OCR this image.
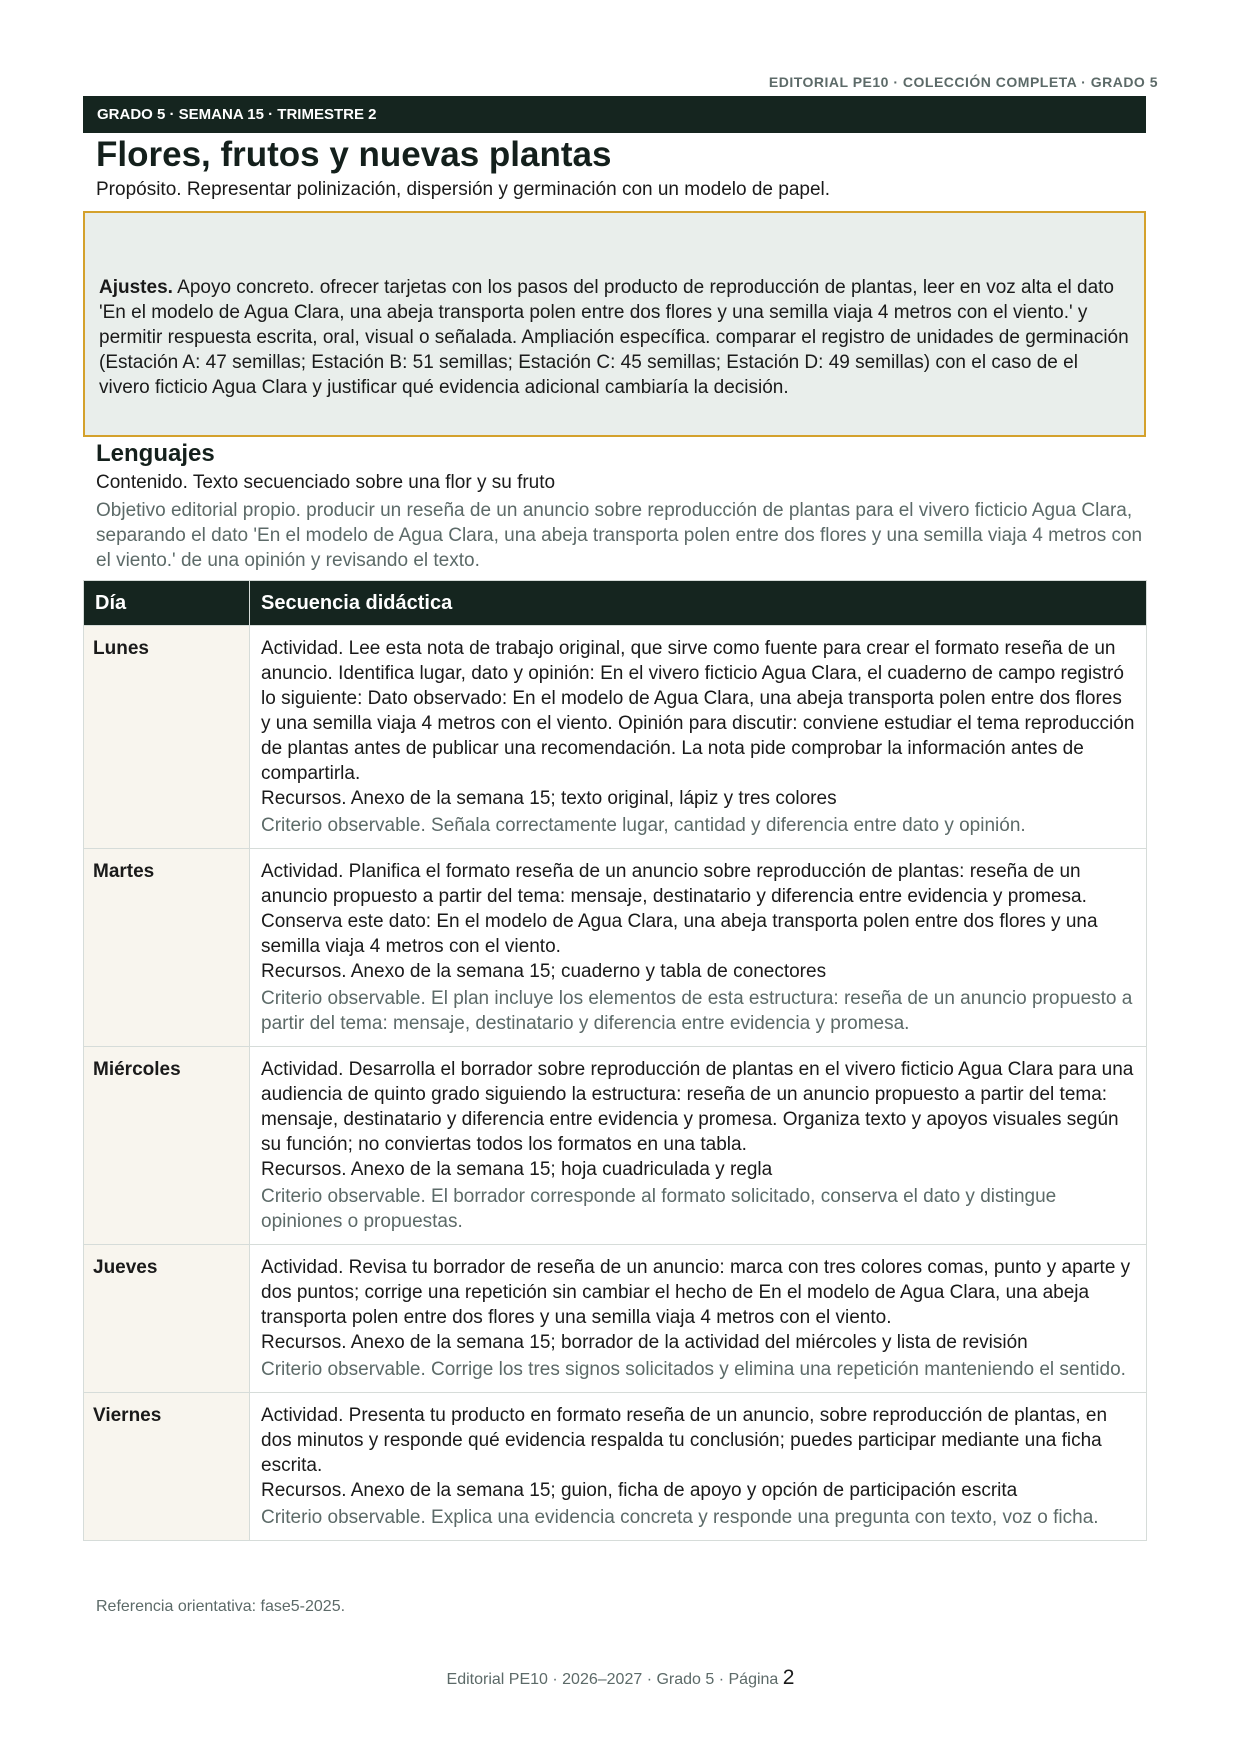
EDITORIAL PE10 · COLECCIÓN COMPLETA · GRADO 5
GRADO 5 · SEMANA 15 · TRIMESTRE 2
Flores, frutos y nuevas plantas
Propósito. Representar polinización, dispersión y germinación con un modelo de papel.
Ajustes. Apoyo concreto. ofrecer tarjetas con los pasos del producto de reproducción de plantas, leer en voz alta el dato 'En el modelo de Agua Clara, una abeja transporta polen entre dos flores y una semilla viaja 4 metros con el viento.' y permitir respuesta escrita, oral, visual o señalada. Ampliación específica. comparar el registro de unidades de germinación (Estación A: 47 semillas; Estación B: 51 semillas; Estación C: 45 semillas; Estación D: 49 semillas) con el caso de el vivero ficticio Agua Clara y justificar qué evidencia adicional cambiaría la decisión.
Lenguajes
Contenido. Texto secuenciado sobre una flor y su fruto
Objetivo editorial propio. producir un reseña de un anuncio sobre reproducción de plantas para el vivero ficticio Agua Clara, separando el dato 'En el modelo de Agua Clara, una abeja transporta polen entre dos flores y una semilla viaja 4 metros con el viento.' de una opinión y revisando el texto.
Día	Secuencia didáctica
Lunes	Actividad. Lee esta nota de trabajo original, que sirve como fuente para crear el formato reseña de un anuncio. Identifica lugar, dato y opinión: En el vivero ficticio Agua Clara, el cuaderno de campo registró lo siguiente: Dato observado: En el modelo de Agua Clara, una abeja transporta polen entre dos flores y una semilla viaja 4 metros con el viento. Opinión para discutir: conviene estudiar el tema reproducción de plantas antes de publicar una recomendación. La nota pide comprobar la información antes de compartirla.
Recursos. Anexo de la semana 15; texto original, lápiz y tres colores
Criterio observable. Señala correctamente lugar, cantidad y diferencia entre dato y opinión.

Martes	Actividad. Planifica el formato reseña de un anuncio sobre reproducción de plantas: reseña de un anuncio propuesto a partir del tema: mensaje, destinatario y diferencia entre evidencia y promesa. Conserva este dato: En el modelo de Agua Clara, una abeja transporta polen entre dos flores y una semilla viaja 4 metros con el viento.
Recursos. Anexo de la semana 15; cuaderno y tabla de conectores
Criterio observable. El plan incluye los elementos de esta estructura: reseña de un anuncio propuesto a partir del tema: mensaje, destinatario y diferencia entre evidencia y promesa.

Miércoles	Actividad. Desarrolla el borrador sobre reproducción de plantas en el vivero ficticio Agua Clara para una audiencia de quinto grado siguiendo la estructura: reseña de un anuncio propuesto a partir del tema: mensaje, destinatario y diferencia entre evidencia y promesa. Organiza texto y apoyos visuales según su función; no conviertas todos los formatos en una tabla.
Recursos. Anexo de la semana 15; hoja cuadriculada y regla
Criterio observable. El borrador corresponde al formato solicitado, conserva el dato y distingue opiniones o propuestas.

Jueves	Actividad. Revisa tu borrador de reseña de un anuncio: marca con tres colores comas, punto y aparte y dos puntos; corrige una repetición sin cambiar el hecho de En el modelo de Agua Clara, una abeja transporta polen entre dos flores y una semilla viaja 4 metros con el viento.
Recursos. Anexo de la semana 15; borrador de la actividad del miércoles y lista de revisión
Criterio observable. Corrige los tres signos solicitados y elimina una repetición manteniendo el sentido.

Viernes	Actividad. Presenta tu producto en formato reseña de un anuncio, sobre reproducción de plantas, en dos minutos y responde qué evidencia respalda tu conclusión; puedes participar mediante una ficha escrita.
Recursos. Anexo de la semana 15; guion, ficha de apoyo y opción de participación escrita
Criterio observable. Explica una evidencia concreta y responde una pregunta con texto, voz o ficha.
Referencia orientativa: fase5-2025.
Editorial PE10 · 2026–2027 · Grado 5 · Página 2
